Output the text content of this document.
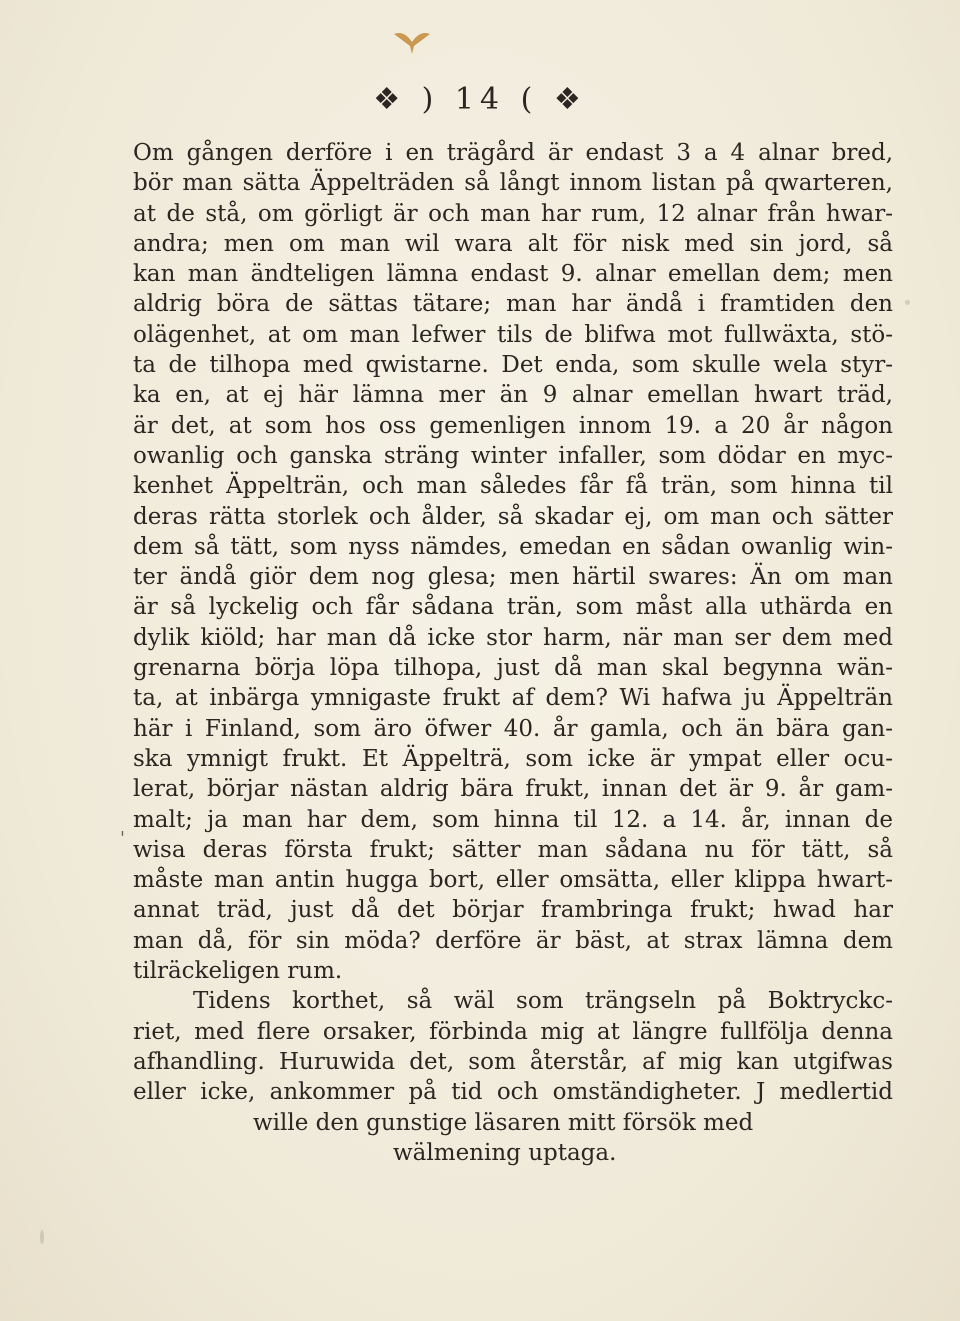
❖ ) 14 ( ❖
Om gången derföre i en trägård är endast 3 a 4 alnar bred,
bör man sätta Äppelträden så långt innom listan på qwarteren,
at de stå, om görligt är och man har rum, 12 alnar från hwar-
andra; men om man wil wara alt för nisk med sin jord, så
kan man ändteligen lämna endast 9. alnar emellan dem; men
aldrig böra de sättas tätare; man har ändå i framtiden den
olägenhet, at om man lefwer tils de blifwa mot fullwäxta, stö-
ta de tilhopa med qwistarne. Det enda, som skulle wela styr-
ka en, at ej här lämna mer än 9 alnar emellan hwart träd,
är det, at som hos oss gemenligen innom 19. a 20 år någon
owanlig och ganska sträng winter infaller, som dödar en myc-
kenhet Äppelträn, och man således får få trän, som hinna til
deras rätta storlek och ålder, så skadar ej, om man och sätter
dem så tätt, som nyss nämdes, emedan en sådan owanlig win-
ter ändå giör dem nog glesa; men härtil swares: Än om man
är så lyckelig och får sådana trän, som måst alla uthärda en
dylik kiöld; har man då icke stor harm, när man ser dem med
grenarna börja löpa tilhopa, just då man skal begynna wän-
ta, at inbärga ymnigaste frukt af dem? Wi hafwa ju Äppelträn
här i Finland, som äro öfwer 40. år gamla, och än bära gan-
ska ymnigt frukt. Et Äppelträ, som icke är ympat eller ocu-
lerat, börjar nästan aldrig bära frukt, innan det är 9. år gam-
malt; ja man har dem, som hinna til 12. a 14. år, innan de
wisa deras första frukt; sätter man sådana nu för tätt, så
måste man antin hugga bort, eller omsätta, eller klippa hwart-
annat träd, just då det börjar frambringa frukt; hwad har
man då, för sin möda? derföre är bäst, at strax lämna dem
tilräckeligen rum.
Tidens korthet, så wäl som trängseln på Boktryckc-
riet, med flere orsaker, förbinda mig at längre fullfölja denna
afhandling. Huruwida det, som återstår, af mig kan utgifwas
eller icke, ankommer på tid och omständigheter. J medlertid
wille den gunstige läsaren mitt försök med
wälmening uptaga.
'
